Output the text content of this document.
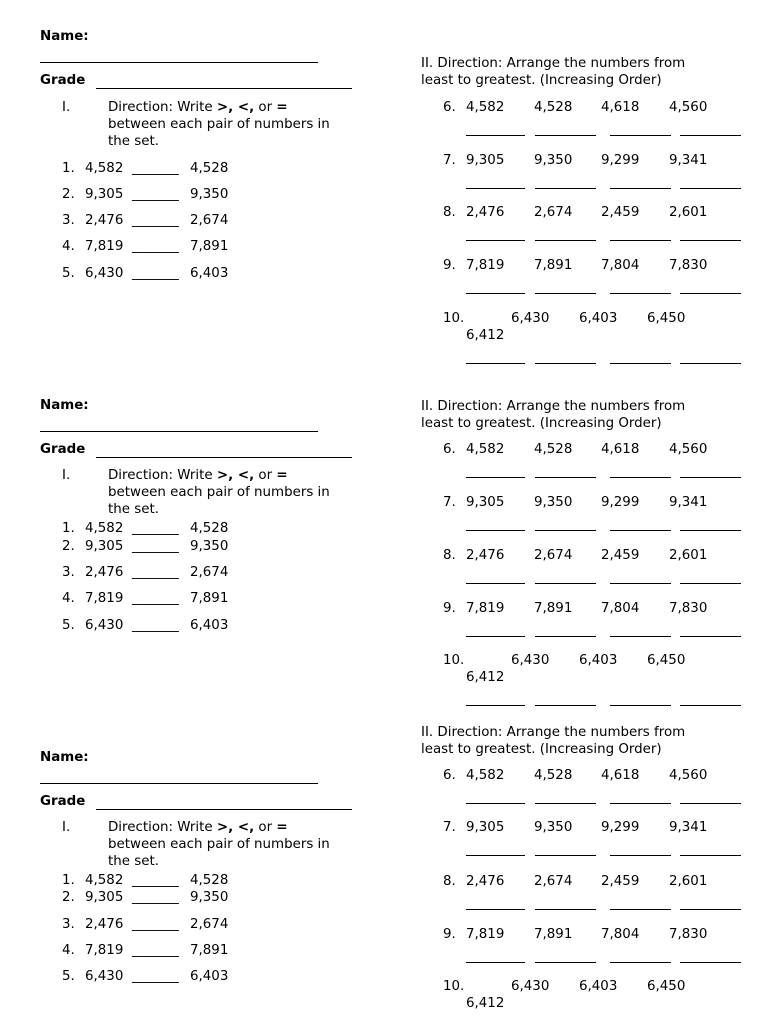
Name:
Grade
I.	Direction: Write >, <, or =
between each pair of numbers in
the set.
1. 4,582 _______ 4,528
2. 9,305 _______ 9,350
3. 2,476 _______ 2,674
4. 7,819 _______ 7,891
5. 6,430 _______ 6,403
Name:
Grade
I.	Direction: Write >, <, or =
between each pair of numbers in
the set.
1. 4,582 _______ 4,528
2. 9,305 _______ 9,350
3. 2,476 _______ 2,674
4. 7,819 _______ 7,891
5. 6,430 _______ 6,403
Name:
Grade
I.	Direction: Write >, <, or =
between each pair of numbers in
the set.
1. 4,582 _______ 4,528
2. 9,305 _______ 9,350
3. 2,476 _______ 2,674
4. 7,819 _______ 7,891
5. 6,430 _______ 6,403
II. Direction: Arrange the numbers from
least to greatest. (Increasing Order)
6. 4,582 4,528 4,618 4,560
7. 9,305 9,350 9,299 9,341
8. 2,476 2,674 2,459 2,601
9. 7,819 7,891 7,804 7,830
10.	6,430 6,403 6,450
6,412
II. Direction: Arrange the numbers from
least to greatest. (Increasing Order)
6. 4,582 4,528 4,618 4,560
7. 9,305 9,350 9,299 9,341
8. 2,476 2,674 2,459 2,601
9. 7,819 7,891 7,804 7,830
10.	6,430 6,403 6,450
6,412
II. Direction: Arrange the numbers from
least to greatest. (Increasing Order)
6. 4,582 4,528 4,618 4,560
7. 9,305 9,350 9,299 9,341
8. 2,476 2,674 2,459 2,601
9. 7,819 7,891 7,804 7,830
10.	6,430 6,403 6,450
6,412
